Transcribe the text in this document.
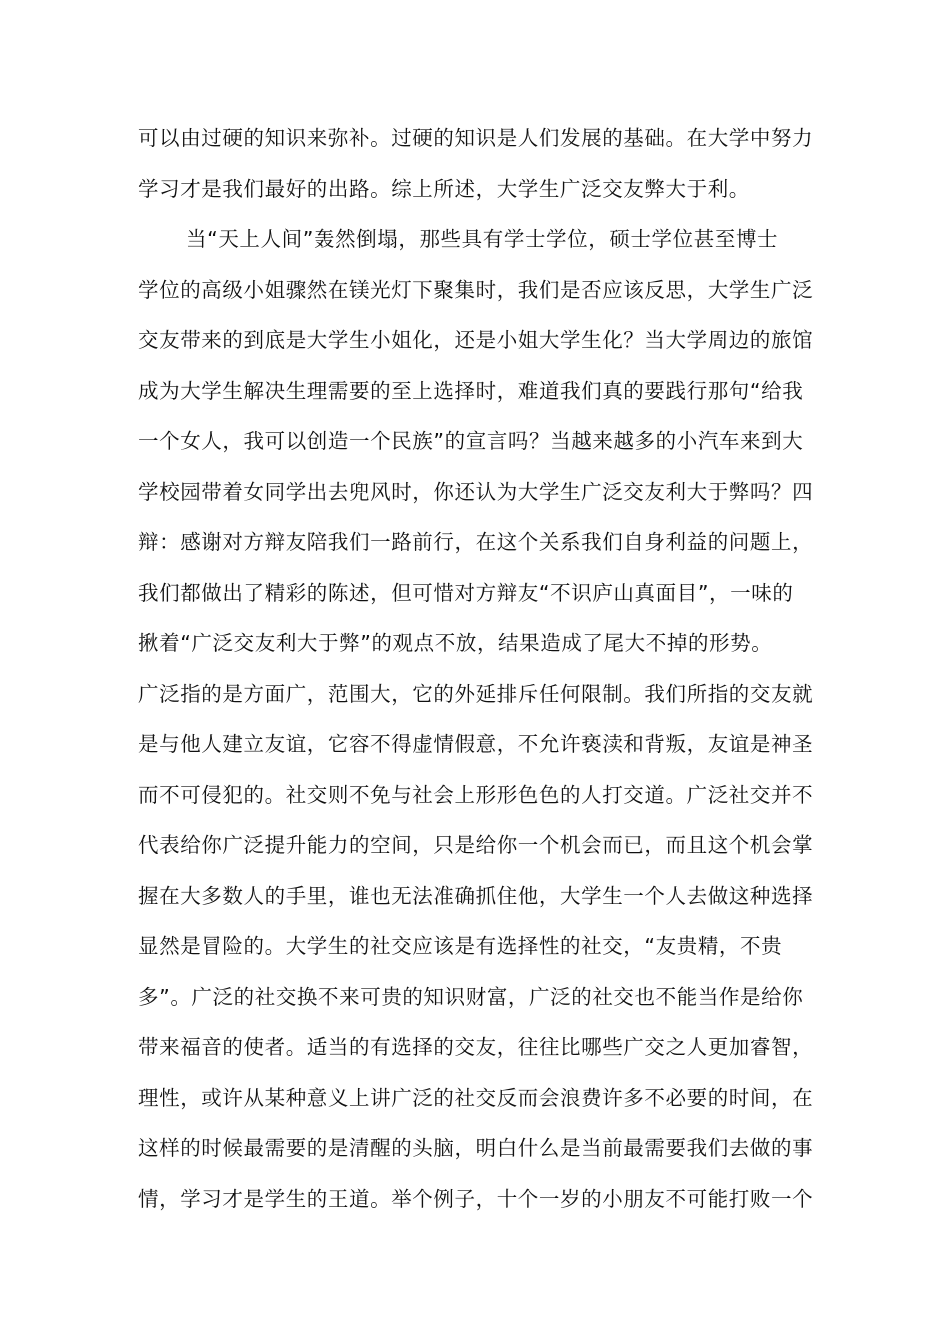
可以由过硬的知识来弥补。过硬的知识是人们发展的基础。在大学中努力
学习才是我们最好的出路。综上所述，大学生广泛交友弊大于利。
当“天上人间”轰然倒塌，那些具有学士学位，硕士学位甚至博士
学位的高级小姐骤然在镁光灯下聚集时，我们是否应该反思，大学生广泛
交友带来的到底是大学生小姐化，还是小姐大学生化？当大学周边的旅馆
成为大学生解决生理需要的至上选择时，难道我们真的要践行那句“给我
一个女人，我可以创造一个民族”的宣言吗？当越来越多的小汽车来到大
学校园带着女同学出去兜风时，你还认为大学生广泛交友利大于弊吗？四
辩：感谢对方辩友陪我们一路前行，在这个关系我们自身利益的问题上，
我们都做出了精彩的陈述，但可惜对方辩友“不识庐山真面目”，一味的
揪着“广泛交友利大于弊”的观点不放，结果造成了尾大不掉的形势。
广泛指的是方面广，范围大，它的外延排斥任何限制。我们所指的交友就
是与他人建立友谊，它容不得虚情假意，不允许亵渎和背叛，友谊是神圣
而不可侵犯的。社交则不免与社会上形形色色的人打交道。广泛社交并不
代表给你广泛提升能力的空间，只是给你一个机会而已，而且这个机会掌
握在大多数人的手里，谁也无法准确抓住他，大学生一个人去做这种选择
显然是冒险的。大学生的社交应该是有选择性的社交，“友贵精，不贵
多”。广泛的社交换不来可贵的知识财富，广泛的社交也不能当作是给你
带来福音的使者。适当的有选择的交友，往往比哪些广交之人更加睿智，
理性，或许从某种意义上讲广泛的社交反而会浪费许多不必要的时间，在
这样的时候最需要的是清醒的头脑，明白什么是当前最需要我们去做的事
情，学习才是学生的王道。举个例子，十个一岁的小朋友不可能打败一个
